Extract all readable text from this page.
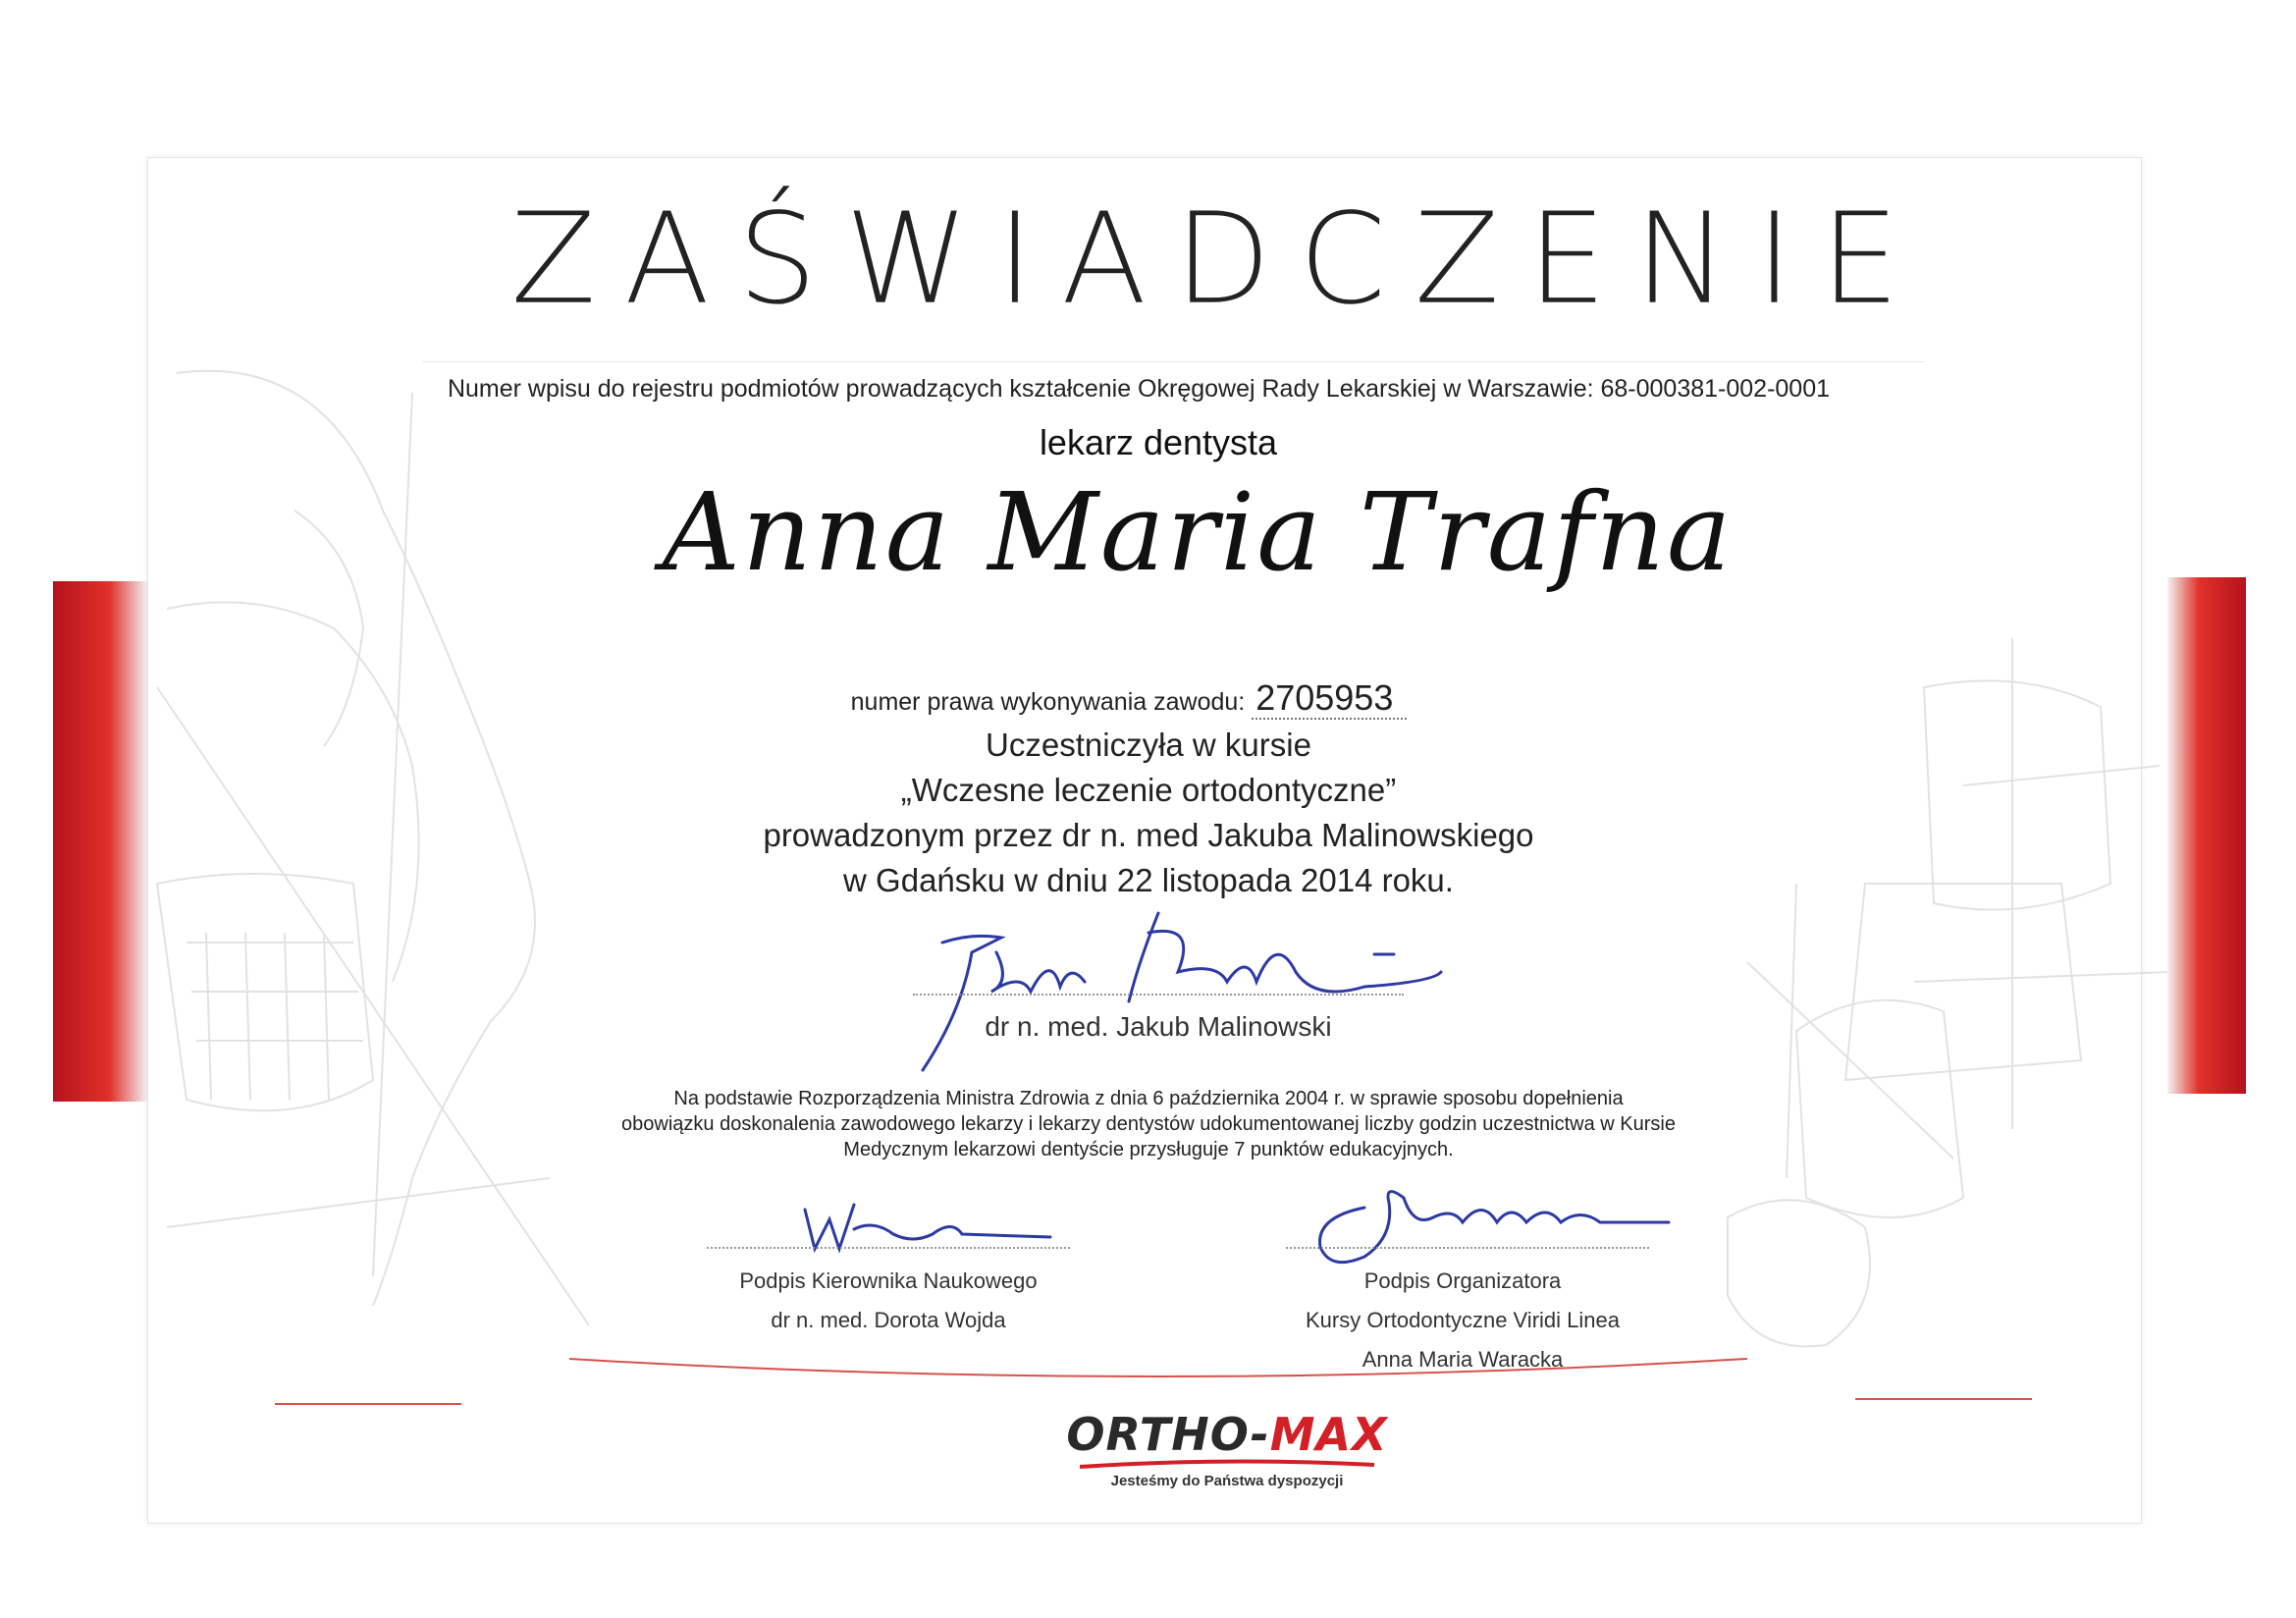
ZAŚWIADCZENIE
Numer wpisu do rejestru podmiotów prowadzących kształcenie Okręgowej Rady Lekarskiej w Warszawie: 68-000381-002-0001
lekarz dentysta
Anna Maria Trafna
numer prawa wykonywania zawodu: 2705953
Uczestniczyła w kursie
„Wczesne leczenie ortodontyczne”
prowadzonym przez dr n. med Jakuba Malinowskiego
w Gdańsku w dniu 22 listopada 2014 roku.
dr n. med. Jakub Malinowski
Na podstawie Rozporządzenia Ministra Zdrowia z dnia 6 października 2004 r. w sprawie sposobu dopełnienia
obowiązku doskonalenia zawodowego lekarzy i lekarzy dentystów udokumentowanej liczby godzin uczestnictwa w Kursie
Medycznym lekarzowi dentyście przysługuje 7 punktów edukacyjnych.
Podpis Kierownika Naukowego
dr n. med. Dorota Wojda
Podpis Organizatora
Kursy Ortodontyczne Viridi Linea
Anna Maria Waracka
ORTHO-MAX
Jesteśmy do Państwa dyspozycji
